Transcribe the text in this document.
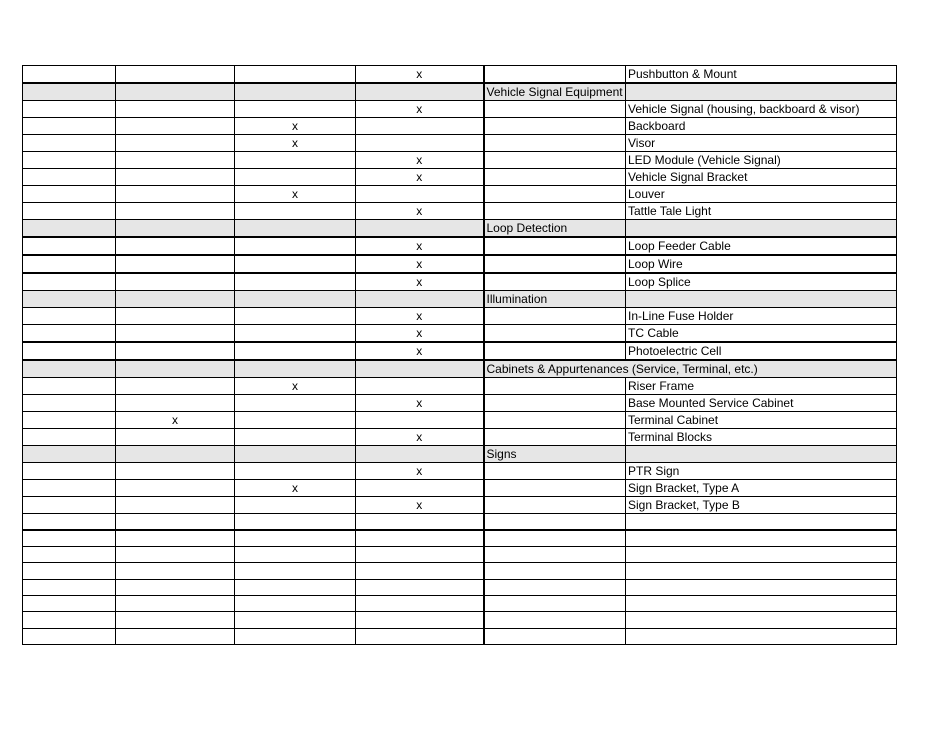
			x		Pushbutton & Mount
				Vehicle Signal Equipment	
			x		Vehicle Signal (housing, backboard & visor)
		x			Backboard
		x			Visor
			x		LED Module (Vehicle Signal)
			x		Vehicle Signal Bracket
		x			Louver
			x		Tattle Tale Light
				Loop Detection	
			x		Loop Feeder Cable
			x		Loop Wire
			x		Loop Splice
				Illumination	
			x		In-Line Fuse Holder
			x		TC Cable
			x		Photoelectric Cell
				Cabinets & Appurtenances (Service, Terminal, etc.)	
		x			Riser Frame
			x		Base Mounted Service Cabinet
	x				Terminal Cabinet
			x		Terminal Blocks
				Signs	
			x		PTR Sign
		x			Sign Bracket, Type A
			x		Sign Bracket, Type B
